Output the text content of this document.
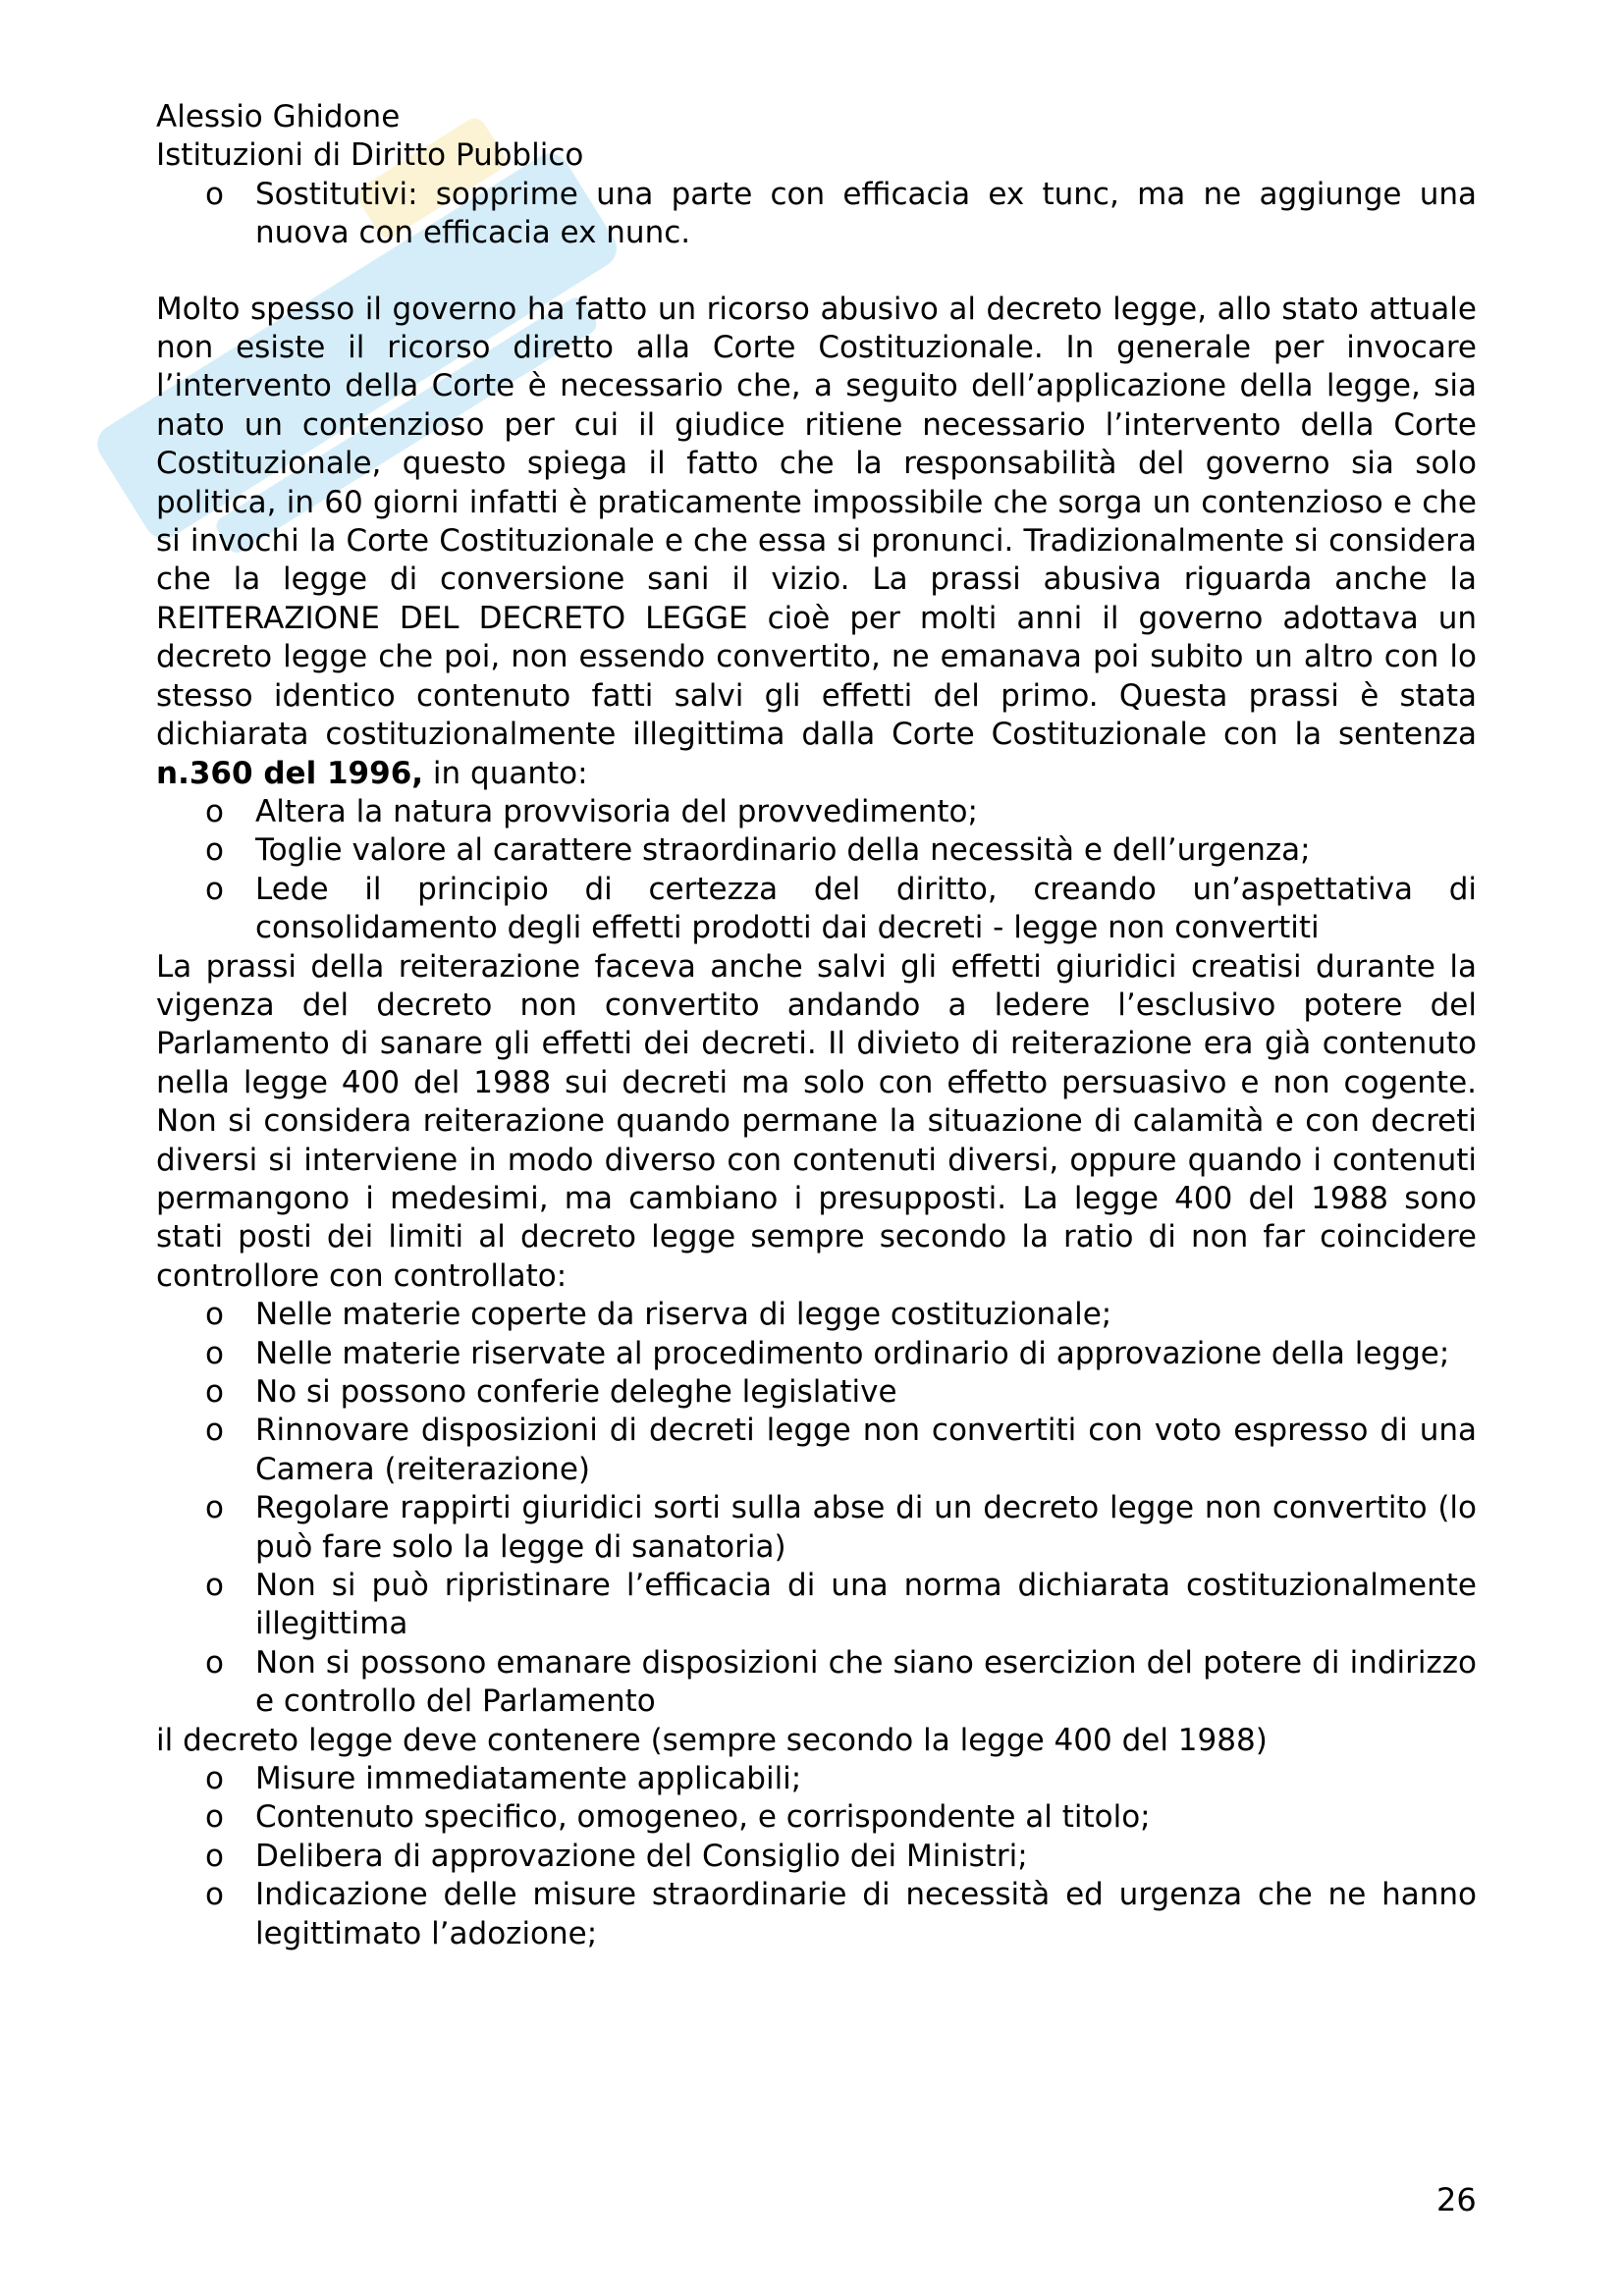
Alessio Ghidone
Istituzioni di Diritto Pubblico
o Sostitutivi: sopprime una parte con efficacia ex tunc, ma ne aggiunge una nuova con efficacia ex nunc.

Molto spesso il governo ha fatto un ricorso abusivo al decreto legge, allo stato attuale non esiste il ricorso diretto alla Corte Costituzionale. In generale per invocare l’intervento della Corte è necessario che, a seguito dell’applicazione della legge, sia nato un contenzioso per cui il giudice ritiene necessario l’intervento della Corte Costituzionale, questo spiega il fatto che la responsabilità del governo sia solo politica, in 60 giorni infatti è praticamente impossibile che sorga un contenzioso e che si invochi la Corte Costituzionale e che essa si pronunci. Tradizionalmente si considera che la legge di conversione sani il vizio. La prassi abusiva riguarda anche la REITERAZIONE DEL DECRETO LEGGE cioè per molti anni il governo adottava un decreto legge che poi, non essendo convertito, ne emanava poi subito un altro con lo stesso identico contenuto fatti salvi gli effetti del primo. Questa prassi è stata dichiarata costituzionalmente illegittima dalla Corte Costituzionale con la sentenza n.360 del 1996, in quanto:

o Altera la natura provvisoria del provvedimento;
o Toglie valore al carattere straordinario della necessità e dell’urgenza;
o Lede il principio di certezza del diritto, creando un’aspettativa di consolidamento degli effetti prodotti dai decreti - legge non convertiti

La prassi della reiterazione faceva anche salvi gli effetti giuridici creatisi durante la vigenza del decreto non convertito andando a ledere l’esclusivo potere del Parlamento di sanare gli effetti dei decreti. Il divieto di reiterazione era già contenuto nella legge 400 del 1988 sui decreti ma solo con effetto persuasivo e non cogente. Non si considera reiterazione quando permane la situazione di calamità e con decreti diversi si interviene in modo diverso con contenuti diversi, oppure quando i contenuti permangono i medesimi, ma cambiano i presupposti. La legge 400 del 1988 sono stati posti dei limiti al decreto legge sempre secondo la ratio di non far coincidere controllore con controllato:

o Nelle materie coperte da riserva di legge costituzionale;
o Nelle materie riservate al procedimento ordinario di approvazione della legge;
o No si possono conferie deleghe legislative
o Rinnovare disposizioni di decreti legge non convertiti con voto espresso di una Camera (reiterazione)
o Regolare rappirti giuridici sorti sulla abse di un decreto legge non convertito (lo può fare solo la legge di sanatoria)
o Non si può ripristinare l’efficacia di una norma dichiarata costituzionalmente illegittima
o Non si possono emanare disposizioni che siano esercizion del potere di indirizzo e controllo del Parlamento

il decreto legge deve contenere (sempre secondo la legge 400 del 1988)

o Misure immediatamente applicabili;
o Contenuto specifico, omogeneo, e corrispondente al titolo;
o Delibera di approvazione del Consiglio dei Ministri;
o Indicazione delle misure straordinarie di necessità ed urgenza che ne hanno legittimato l’adozione;
26
